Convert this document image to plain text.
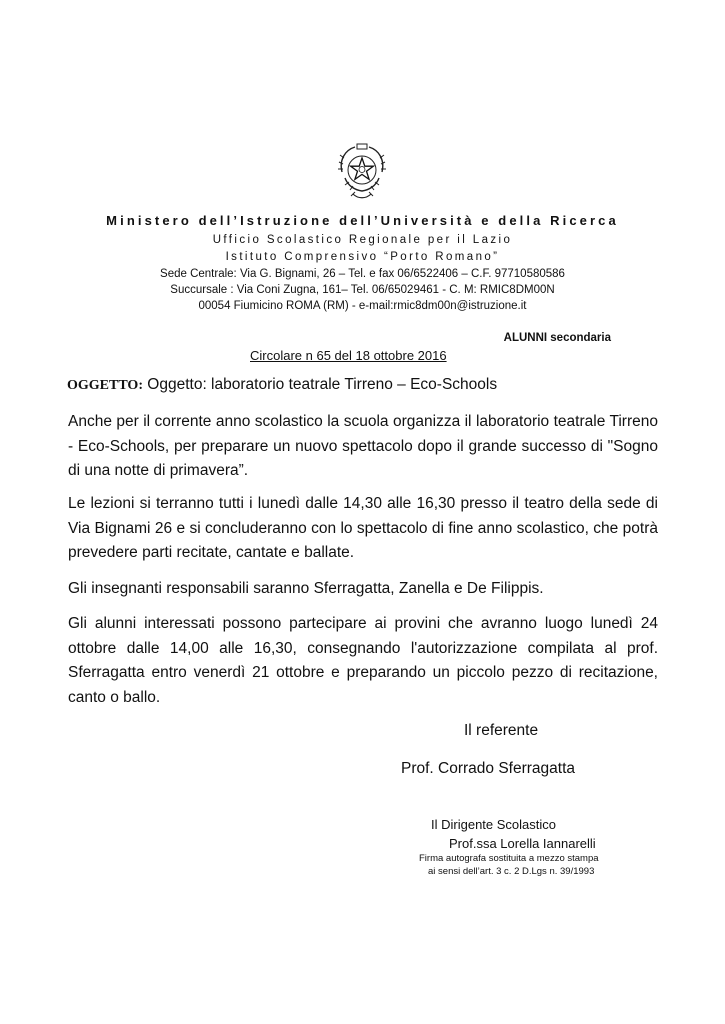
Ministero dell’Istruzione dell’Università e della Ricerca
Ufficio Scolastico Regionale per il Lazio
Istituto Comprensivo “Porto Romano”
Sede Centrale: Via G. Bignami, 26 – Tel. e fax 06/6522406 – C.F. 97710580586
Succursale : Via Coni Zugna, 161– Tel. 06/65029461 - C. M: RMIC8DM00N
00054 Fiumicino ROMA (RM) - e-mail:rmic8dm00n@istruzione.it
ALUNNI secondaria
Circolare n 65 del 18 ottobre 2016
OGGETTO: Oggetto: laboratorio teatrale Tirreno – Eco-Schools

Anche per il corrente anno scolastico la scuola organizza il laboratorio teatrale Tirreno - Eco-Schools, per preparare un nuovo spettacolo dopo il grande successo di "Sogno di una notte di primavera”.

Le lezioni si terranno tutti i lunedì dalle 14,30 alle 16,30 presso il teatro della sede di Via Bignami 26 e si concluderanno con lo spettacolo di fine anno scolastico, che potrà prevedere parti recitate, cantate e ballate.

Gli insegnanti responsabili saranno Sferragatta, Zanella e De Filippis.

Gli alunni interessati possono partecipare ai provini che avranno luogo lunedì 24 ottobre dalle 14,00 alle 16,30, consegnando l'autorizzazione compilata al prof. Sferragatta entro venerdì 21 ottobre e preparando un piccolo pezzo di recitazione, canto o ballo.

Il referente
Prof. Corrado Sferragatta
Il Dirigente Scolastico
Prof.ssa Lorella Iannarelli
Firma autografa sostituita a mezzo stampa
ai sensi dell’art. 3 c. 2 D.Lgs n. 39/1993
